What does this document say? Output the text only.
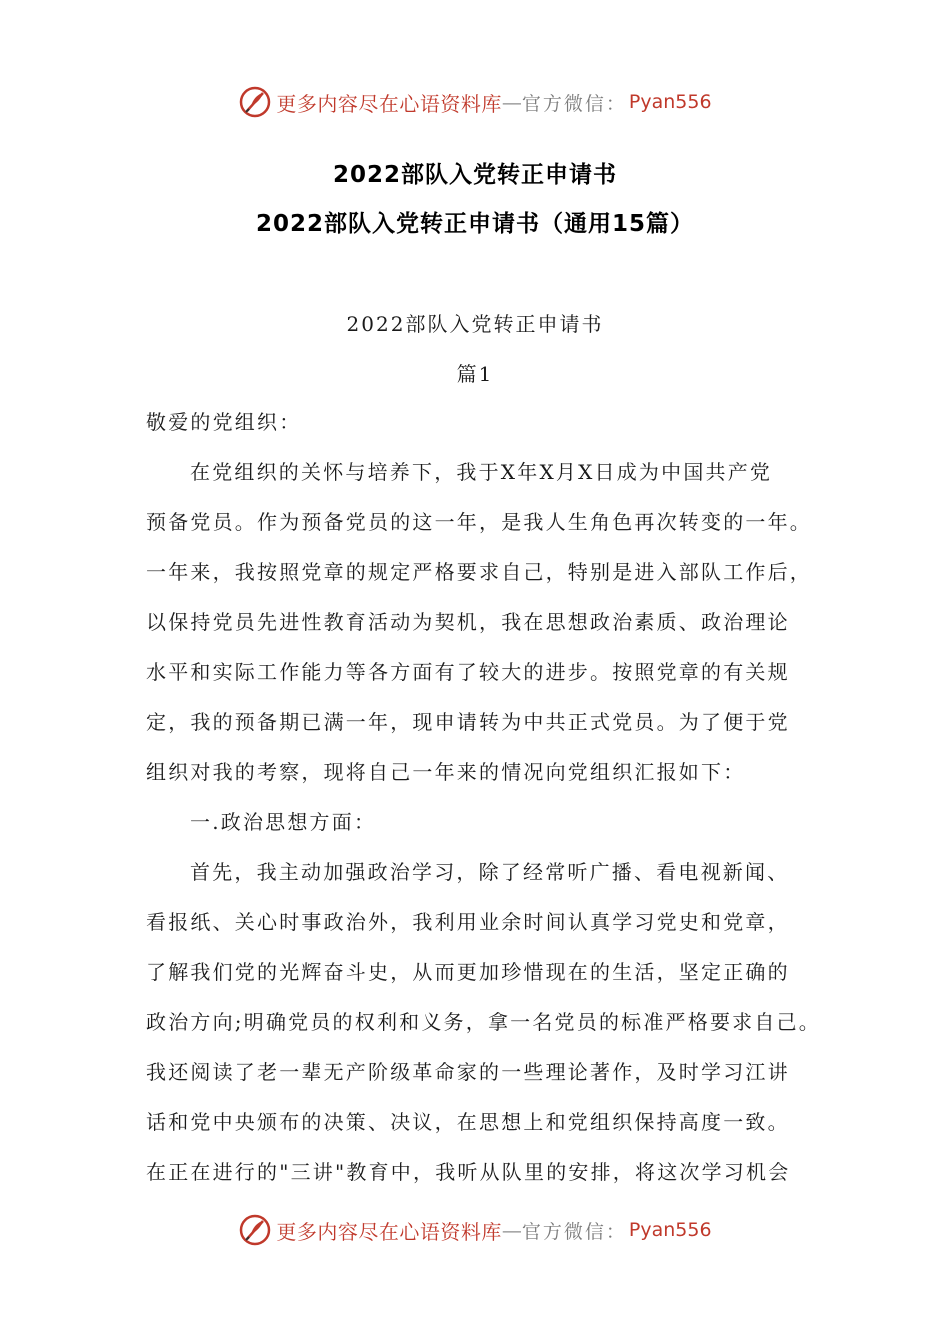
更多内容尽在心语资料库 — 官方微信： Pyan556
2022部队入党转正申请书
2022部队入党转正申请书（通用15篇）
2022部队入党转正申请书
篇1
敬爱的党组织：
在党组织的关怀与培养下，我于X年X月X日成为中国共产党
预备党员。作为预备党员的这一年，是我人生角色再次转变的一年。
一年来，我按照党章的规定严格要求自己，特别是进入部队工作后，
以保持党员先进性教育活动为契机，我在思想政治素质、政治理论
水平和实际工作能力等各方面有了较大的进步。按照党章的有关规
定，我的预备期已满一年，现申请转为中共正式党员。为了便于党
组织对我的考察，现将自己一年来的情况向党组织汇报如下：
一.政治思想方面：
首先，我主动加强政治学习，除了经常听广播、看电视新闻、
看报纸、关心时事政治外，我利用业余时间认真学习党史和党章，
了解我们党的光辉奋斗史，从而更加珍惜现在的生活，坚定正确的
政治方向;明确党员的权利和义务，拿一名党员的标准严格要求自己。
我还阅读了老一辈无产阶级革命家的一些理论著作，及时学习江讲
话和党中央颁布的决策、决议，在思想上和党组织保持高度一致。
在正在进行的"三讲"教育中，我听从队里的安排，将这次学习机会
更多内容尽在心语资料库 — 官方微信： Pyan556
